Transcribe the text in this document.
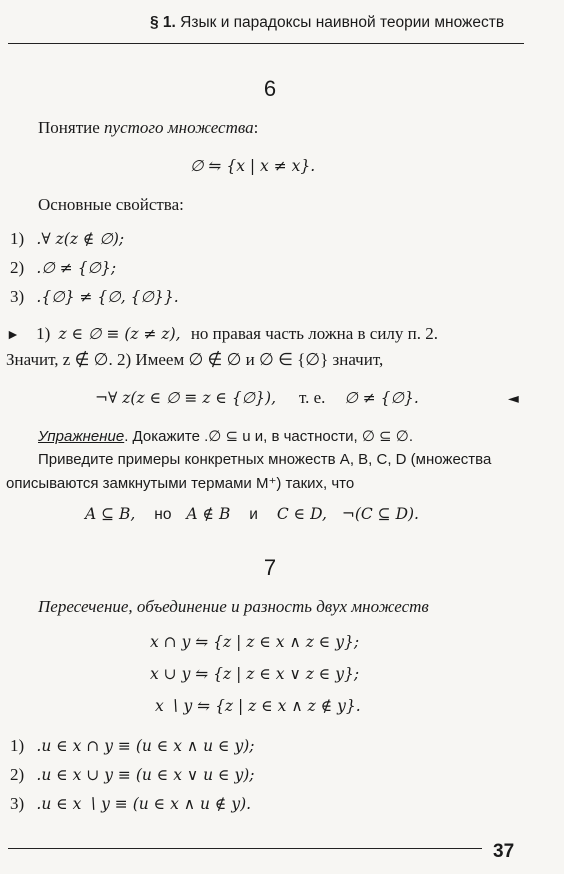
§ 1. Язык и парадоксы наивной теории множеств
6
Понятие пустого множества:
∅ ⇋ {x | x ≠ x}.
Основные свойства:
1) .∀ z(z ∉ ∅);
2) .∅ ≠ {∅};
3) .{∅} ≠ {∅, {∅}}.
► 1) z ∈ ∅ ≡ (z ≠ z), но правая часть ложна в силу п. 2.
Значит, z ∉ ∅. 2) Имеем ∅ ∉ ∅ и ∅ ∈ {∅} значит,
¬∀ z(z ∈ ∅ ≡ z ∈ {∅}), т. е. ∅ ≠ {∅}.	◄
Упражнение. Докажите .∅ ⊆ u и, в частности, ∅ ⊆ ∅.
Приведите примеры конкретных множеств A, B, C, D (множества
описываются замкнутыми термами M⁺) таких, что
A ⊆ B, но A ∉ B и C ∈ D, ¬(C ⊆ D).
7
Пересечение, объединение и разность двух множеств
x ∩ y ⇋ {z | z ∈ x ∧ z ∈ y};
x ∪ y ⇋ {z | z ∈ x ∨ z ∈ y};
x ∖ y ⇋ {z | z ∈ x ∧ z ∉ y}.
1) .u ∈ x ∩ y ≡ (u ∈ x ∧ u ∈ y);
2) .u ∈ x ∪ y ≡ (u ∈ x ∨ u ∈ y);
3) .u ∈ x ∖ y ≡ (u ∈ x ∧ u ∉ y).
37
